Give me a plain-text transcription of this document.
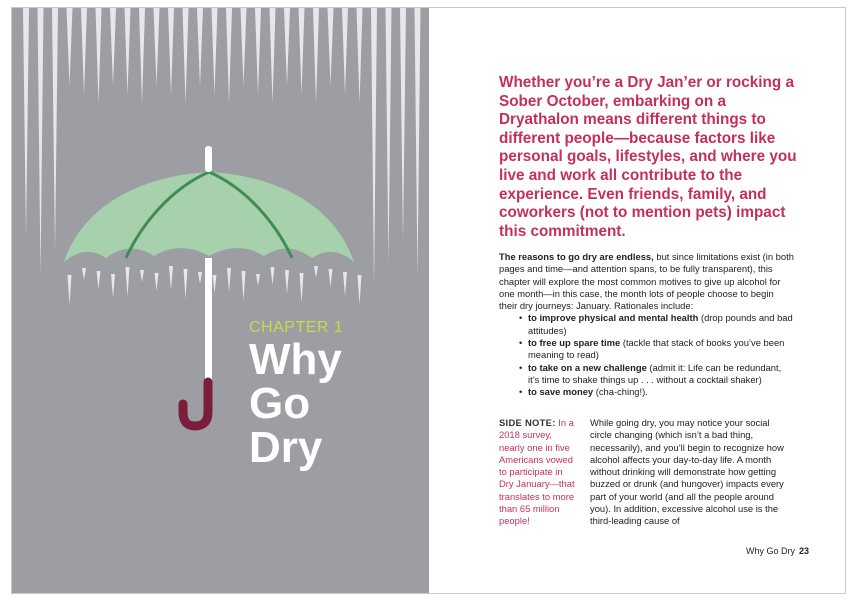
CHAPTER 1
Why
Go
Dry
Whether you’re a Dry Jan’er or rocking a Sober October, embarking on a Dryathalon means different things to different people—because factors like personal goals, lifestyles, and where you live and work all contribute to the experience. Even friends, family, and coworkers (not to mention pets) impact this commitment.
The reasons to go dry are endless, but since limitations exist (in both pages and time—and attention spans, to be fully transparent), this chapter will explore the most common motives to give up alcohol for one month—in this case, the month lots of people choose to begin their dry journeys: January. Rationales include:
• to improve physical and mental health (drop pounds and bad attitudes)
• to free up spare time (tackle that stack of books you’ve been meaning to read)
• to take on a new challenge (admit it: Life can be redundant, it’s time to shake things up . . . without a cocktail shaker)
• to save money (cha-ching!).
SIDE NOTE: In a 2018 survey, nearly one in five Americans vowed to participate in Dry January—that translates to more than 65 million people!
While going dry, you may notice your social circle changing (which isn’t a bad thing, necessarily), and you’ll begin to recognize how alcohol affects your day-to-day life. A month without drinking will demonstrate how getting buzzed or drunk (and hungover) impacts every part of your world (and all the people around you). In addition, excessive alcohol use is the third-leading cause of
Why Go Dry 23
